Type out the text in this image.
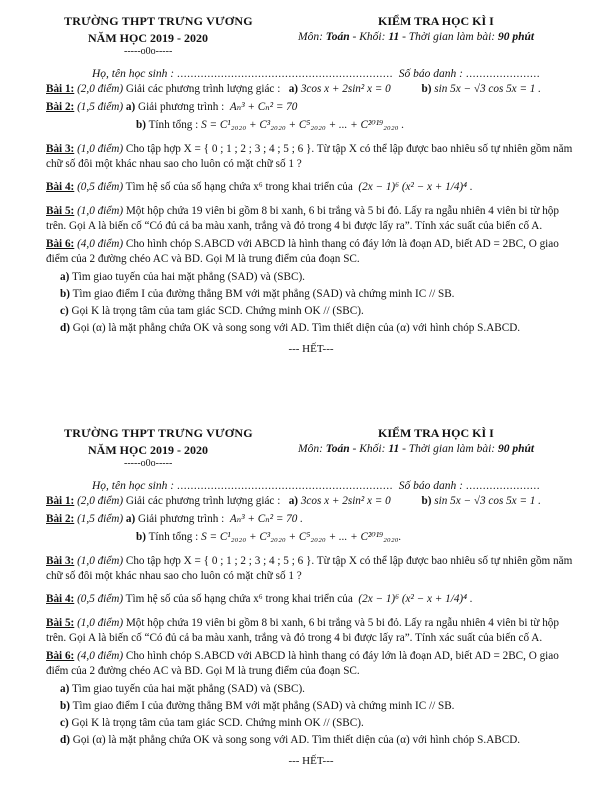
TRƯỜNG THPT TRƯNG VƯƠNG
NĂM HỌC 2019 - 2020
-----o0o-----
KIỂM TRA HỌC KÌ I
Môn: Toán - Khối: 11 - Thời gian làm bài: 90 phút
Họ, tên học sinh : ................................................................ Số báo danh : ......................

Bài 1: (2,0 điểm) Giải các phương trình lượng giác : a) 3cos x + 2sin² x = 0	b) sin 5x − √3 cos 5x = 1 .

Bài 2: (1,5 điểm) a) Giải phương trình : Aₙ³ + Cₙ² = 70

b) Tính tổng : S = C¹₂₀₂₀ + C³₂₀₂₀ + C⁵₂₀₂₀ + ... + C²⁰¹⁹₂₀₂₀ .

Bài 3: (1,0 điểm) Cho tập hợp X = { 0 ; 1 ; 2 ; 3 ; 4 ; 5 ; 6 }. Từ tập X có thể lập được bao nhiêu số tự nhiên gồm năm chữ số đôi một khác nhau sao cho luôn có mặt chữ số 1 ?

Bài 4: (0,5 điểm) Tìm hệ số của số hạng chứa x⁶ trong khai triển của (2x − 1)⁶ (x² − x + 1/4)⁴ .

Bài 5: (1,0 điểm) Một hộp chứa 19 viên bi gồm 8 bi xanh, 6 bi trắng và 5 bi đỏ. Lấy ra ngẫu nhiên 4 viên bi từ hộp trên. Gọi A là biến cố “Có đủ cả ba màu xanh, trắng và đỏ trong 4 bi được lấy ra”. Tính xác suất của biến cố A.

Bài 6: (4,0 điểm) Cho hình chóp S.ABCD với ABCD là hình thang có đáy lớn là đoạn AD, biết AD = 2BC, O giao điểm của 2 đường chéo AC và BD. Gọi M là trung điểm của đoạn SC.

a) Tìm giao tuyến của hai mặt phẳng (SAD) và (SBC).

b) Tìm giao điểm I của đường thẳng BM với mặt phẳng (SAD) và chứng minh IC // SB.

c) Gọi K là trọng tâm của tam giác SCD. Chứng minh OK // (SBC).

d) Gọi (α) là mặt phẳng chứa OK và song song với AD. Tìm thiết diện của (α) với hình chóp S.ABCD.

--- HẾT---
TRƯỜNG THPT TRƯNG VƯƠNG
NĂM HỌC 2019 - 2020
-----o0o-----
KIỂM TRA HỌC KÌ I
Môn: Toán - Khối: 11 - Thời gian làm bài: 90 phút
Họ, tên học sinh : ................................................................ Số báo danh : ......................

Bài 1: (2,0 điểm) Giải các phương trình lượng giác : a) 3cos x + 2sin² x = 0	b) sin 5x − √3 cos 5x = 1 .

Bài 2: (1,5 điểm) a) Giải phương trình : Aₙ³ + Cₙ² = 70 .

b) Tính tổng : S = C¹₂₀₂₀ + C³₂₀₂₀ + C⁵₂₀₂₀ + ... + C²⁰¹⁹₂₀₂₀.

Bài 3: (1,0 điểm) Cho tập hợp X = { 0 ; 1 ; 2 ; 3 ; 4 ; 5 ; 6 }. Từ tập X có thể lập được bao nhiêu số tự nhiên gồm năm chữ số đôi một khác nhau sao cho luôn có mặt chữ số 1 ?

Bài 4: (0,5 điểm) Tìm hệ số của số hạng chứa x⁶ trong khai triển của (2x − 1)⁶ (x² − x + 1/4)⁴ .

Bài 5: (1,0 điểm) Một hộp chứa 19 viên bi gồm 8 bi xanh, 6 bi trắng và 5 bi đỏ. Lấy ra ngẫu nhiên 4 viên bi từ hộp trên. Gọi A là biến cố “Có đủ cả ba màu xanh, trắng và đỏ trong 4 bi được lấy ra”. Tính xác suất của biến cố A.

Bài 6: (4,0 điểm) Cho hình chóp S.ABCD với ABCD là hình thang có đáy lớn là đoạn AD, biết AD = 2BC, O giao điểm của 2 đường chéo AC và BD. Gọi M là trung điểm của đoạn SC.

a) Tìm giao tuyến của hai mặt phẳng (SAD) và (SBC).

b) Tìm giao điểm I của đường thẳng BM với mặt phẳng (SAD) và chứng minh IC // SB.

c) Gọi K là trọng tâm của tam giác SCD. Chứng minh OK // (SBC).

d) Gọi (α) là mặt phẳng chứa OK và song song với AD. Tìm thiết diện của (α) với hình chóp S.ABCD.

--- HẾT---
